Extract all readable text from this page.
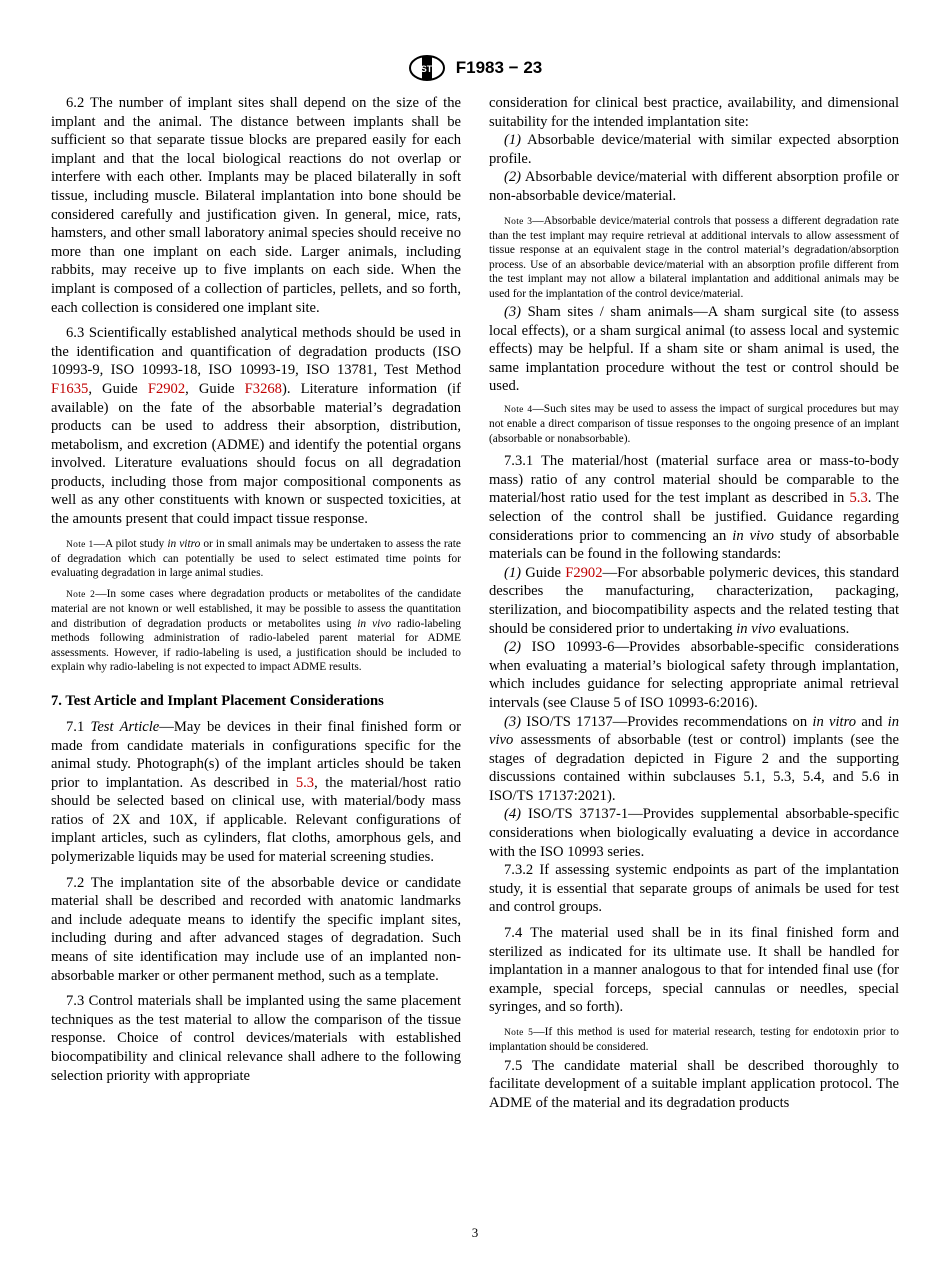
ASTM F1983 − 23

6.2 The number of implant sites shall depend on the size of the implant and the animal. The distance between implants shall be sufficient so that separate tissue blocks are prepared easily for each implant and that the local biological reactions do not overlap or interfere with each other. Implants may be placed bilaterally in soft tissue, including muscle. Bilateral implantation into bone should be considered carefully and justification given. In general, mice, rats, hamsters, and other small laboratory animal species should receive no more than one implant on each side. Larger animals, including rabbits, may receive up to five implants on each side. When the implant is composed of a collection of particles, pellets, and so forth, each collection is considered one implant site.

6.3 Scientifically established analytical methods should be used in the identification and quantification of degradation products (ISO 10993-9, ISO 10993-18, ISO 10993-19, ISO 13781, Test Method F1635, Guide F2902, Guide F3268). Literature information (if available) on the fate of the absorbable material’s degradation products can be used to address their absorption, distribution, metabolism, and excretion (ADME) and identify the potential organs involved. Literature evaluations should focus on all degradation products, including those from major compositional components as well as any other constituents with known or suspected toxicities, at the amounts present that could impact tissue response.

Note 1—A pilot study in vitro or in small animals may be undertaken to assess the rate of degradation which can potentially be used to select estimated time points for evaluating degradation in large animal studies.

Note 2—In some cases where degradation products or metabolites of the candidate material are not known or well established, it may be possible to assess the quantitation and distribution of degradation products or metabolites using in vivo radio-labeling methods following administration of radio-labeled parent material for ADME assessments. However, if radio-labeling is used, a justification should be included to explain why radio-labeling is not expected to impact ADME results.

7. Test Article and Implant Placement Considerations

7.1 Test Article—May be devices in their final finished form or made from candidate materials in configurations specific for the animal study. Photograph(s) of the implant articles should be taken prior to implantation. As described in 5.3, the material/host ratio should be selected based on clinical use, with material/body mass ratios of 2X and 10X, if applicable. Relevant configurations of implant articles, such as cylinders, flat cloths, amorphous gels, and polymerizable liquids may be used for material screening studies.

7.2 The implantation site of the absorbable device or candidate material shall be described and recorded with anatomic landmarks and include adequate means to identify the specific implant sites, including during and after advanced stages of degradation. Such means of site identification may include use of an implanted non-absorbable marker or other permanent method, such as a template.

7.3 Control materials shall be implanted using the same placement techniques as the test material to allow the comparison of the tissue response. Choice of control devices/materials with established biocompatibility and clinical relevance shall adhere to the following selection priority with appropriate

consideration for clinical best practice, availability, and dimensional suitability for the intended implantation site:

(1) Absorbable device/material with similar expected absorption profile.

(2) Absorbable device/material with different absorption profile or non-absorbable device/material.

Note 3—Absorbable device/material controls that possess a different degradation rate than the test implant may require retrieval at additional intervals to allow assessment of tissue response at an equivalent stage in the control material’s degradation/absorption process. Use of an absorbable device/material with an absorption profile different from the test implant may not allow a bilateral implantation and additional animals may be used for the implantation of the control device/material.

(3) Sham sites / sham animals—A sham surgical site (to assess local effects), or a sham surgical animal (to assess local and systemic effects) may be helpful. If a sham site or sham animal is used, the same implantation procedure without the test or control should be used.

Note 4—Such sites may be used to assess the impact of surgical procedures but may not enable a direct comparison of tissue responses to the ongoing presence of an implant (absorbable or nonabsorbable).

7.3.1 The material/host (material surface area or mass-to-body mass) ratio of any control material should be comparable to the material/host ratio used for the test implant as described in 5.3. The selection of the control shall be justified. Guidance regarding considerations prior to commencing an in vivo study of absorbable materials can be found in the following standards:

(1) Guide F2902—For absorbable polymeric devices, this standard describes the manufacturing, characterization, packaging, sterilization, and biocompatibility aspects and the related testing that should be considered prior to undertaking in vivo evaluations.

(2) ISO 10993-6—Provides absorbable-specific considerations when evaluating a material’s biological safety through implantation, which includes guidance for selecting appropriate animal retrieval intervals (see Clause 5 of ISO 10993-6:2016).

(3) ISO/TS 17137—Provides recommendations on in vitro and in vivo assessments of absorbable (test or control) implants (see the stages of degradation depicted in Figure 2 and the supporting discussions contained within subclauses 5.1, 5.3, 5.4, and 5.6 in ISO/TS 17137:2021).

(4) ISO/TS 37137-1—Provides supplemental absorbable-specific considerations when biologically evaluating a device in accordance with the ISO 10993 series.

7.3.2 If assessing systemic endpoints as part of the implantation study, it is essential that separate groups of animals be used for test and control groups.

7.4 The material used shall be in its final finished form and sterilized as indicated for its ultimate use. It shall be handled for implantation in a manner analogous to that for intended final use (for example, special forceps, special cannulas or needles, special syringes, and so forth).

Note 5—If this method is used for material research, testing for endotoxin prior to implantation should be considered.

7.5 The candidate material shall be described thoroughly to facilitate development of a suitable implant application protocol. The ADME of the material and its degradation products

3
